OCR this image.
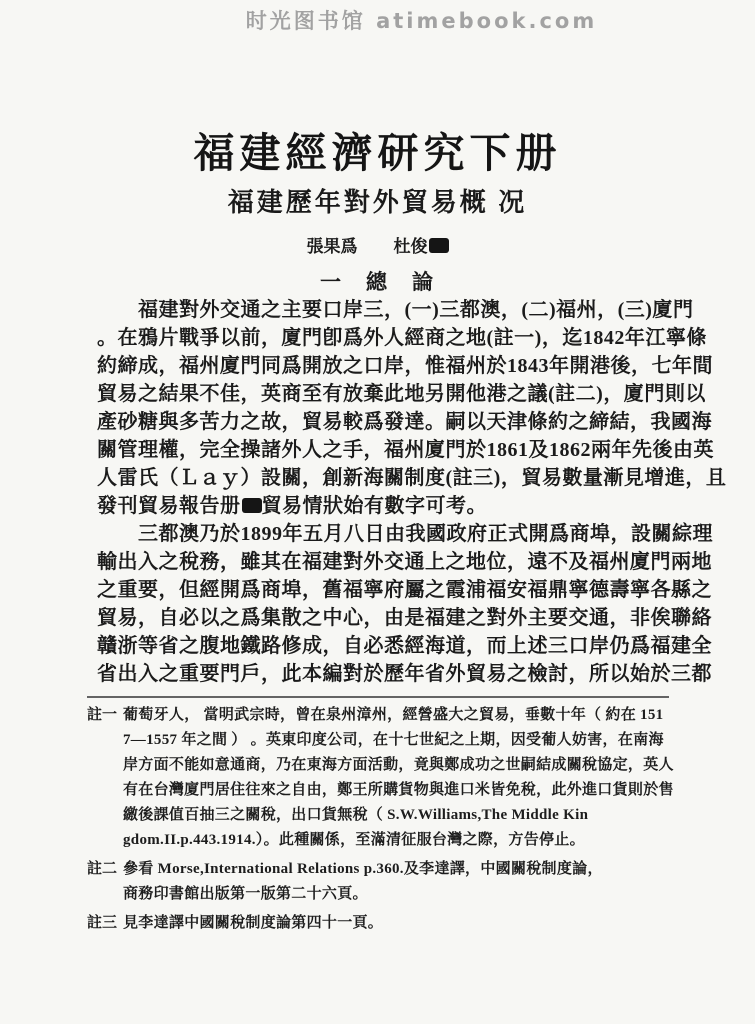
时光图书馆 atimebook.com
福建經濟研究下册
福建歷年對外貿易概 况
張果爲 杜俊
一　總　論
福建對外交通之主要口岸三，(一)三都澳，(二)福州，(三)廈門
。在鴉片戰爭以前，廈門卽爲外人經商之地(註一)，迄1842年江寧條
約締成，福州廈門同爲開放之口岸，惟福州於1843年開港後，七年間
貿易之結果不佳，英商至有放棄此地另開他港之議(註二)，廈門則以
產砂糖與多苦力之故，貿易較爲發達。嗣以天津條約之締結，我國海
關管理權，完全操諸外人之手，福州廈門於1861及1862兩年先後由英
人雷氏（Ｌａｙ）設關，創新海關制度(註三)，貿易數量漸見增進，且
發刊貿易報告册 貿易情狀始有數字可考。
三都澳乃於1899年五月八日由我國政府正式開爲商埠，設關綜理
輸出入之稅務，雖其在福建對外交通上之地位，遠不及福州廈門兩地
之重要，但經開爲商埠，舊福寧府屬之霞浦福安福鼎寧德壽寧各縣之
貿易，自必以之爲集散之中心，由是福建之對外主要交通，非俟聯絡
贛浙等省之腹地鐵路修成，自必悉經海道，而上述三口岸仍爲福建全
省出入之重要門戶，此本編對於歷年省外貿易之檢討，所以始於三都
註一 葡萄牙人， 當明武宗時，曾在泉州漳州，經營盛大之貿易，垂數十年（ 約在 151
7—1557 年之間 ） 。英東印度公司，在十七世紀之上期，因受葡人妨害，在南海
岸方面不能如意通商，乃在東海方面活動，竟與鄭成功之世嗣結成關稅協定，英人
有在台灣廈門居住往來之自由，鄭王所購貨物與進口米皆免稅，此外進口貨則於售
繳後課值百抽三之關稅，出口貨無稅（ S.W.Williams,The Middle Kin
gdom.II.p.443.1914.）。此種關係，至滿清征服台灣之際，方告停止。
註二 參看 Morse,International Relations p.360.及李達譯，中國關稅制度論，
商務印書館出版第一版第二十六頁。
註三 見李達譯中國關稅制度論第四十一頁。
